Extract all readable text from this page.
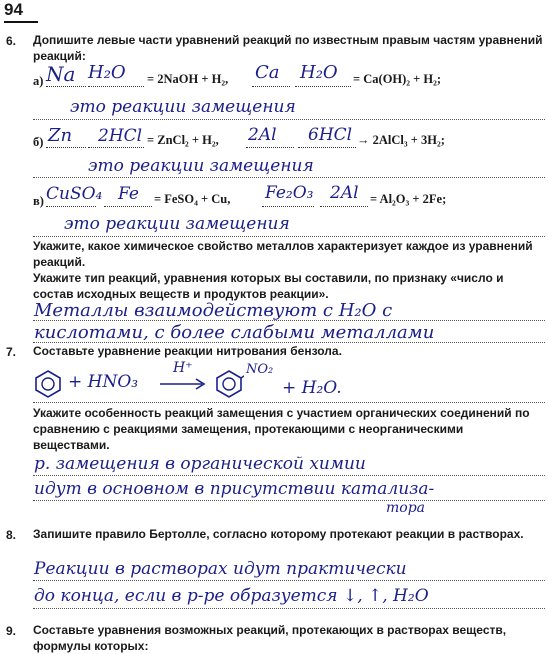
94
6. Допишите левые части уравнений реакций по известным правым частям уравнений реакций:
а) Na H₂O = 2NaOH + H₂, Ca H₂O = Ca(OH)₂ + H₂;
это реакции замещения
б) Zn 2HCl = ZnCl₂ + H₂, 2Al 6HCl → 2AlCl₃ + 3H₂;
это реакции замещения
в) CuSO₄ Fe = FeSO₄ + Cu, Fe₂O₃ 2Al = Al₂O₃ + 2Fe;
это реакции замещения
Укажите, какое химическое свойство металлов характеризует каждое из уравнений реакций.
Укажите тип реакций, уравнения которых вы составили, по признаку «число и состав исходных веществ и продуктов реакции».
Металлы взаимодействуют с H₂O с
кислотами, с более слабыми металлами
7. Составьте уравнение реакции нитрования бензола.
+ HNO₃
H⁺	NO₂
+ H₂O.
Укажите особенность реакций замещения с участием органических соединений по сравнению с реакциями замещения, протекающими с неорганическими веществами.
р. замещения в органической химии
идут в основном в присутствии катализа-
тора
8. Запишите правило Бертолле, согласно которому протекают реакции в растворах.
Реакции в растворах идут практически
до конца, если в р-ре образуется ↓, ↑, H₂O
9. Составьте уравнения возможных реакций, протекающих в растворах веществ, формулы которых:
